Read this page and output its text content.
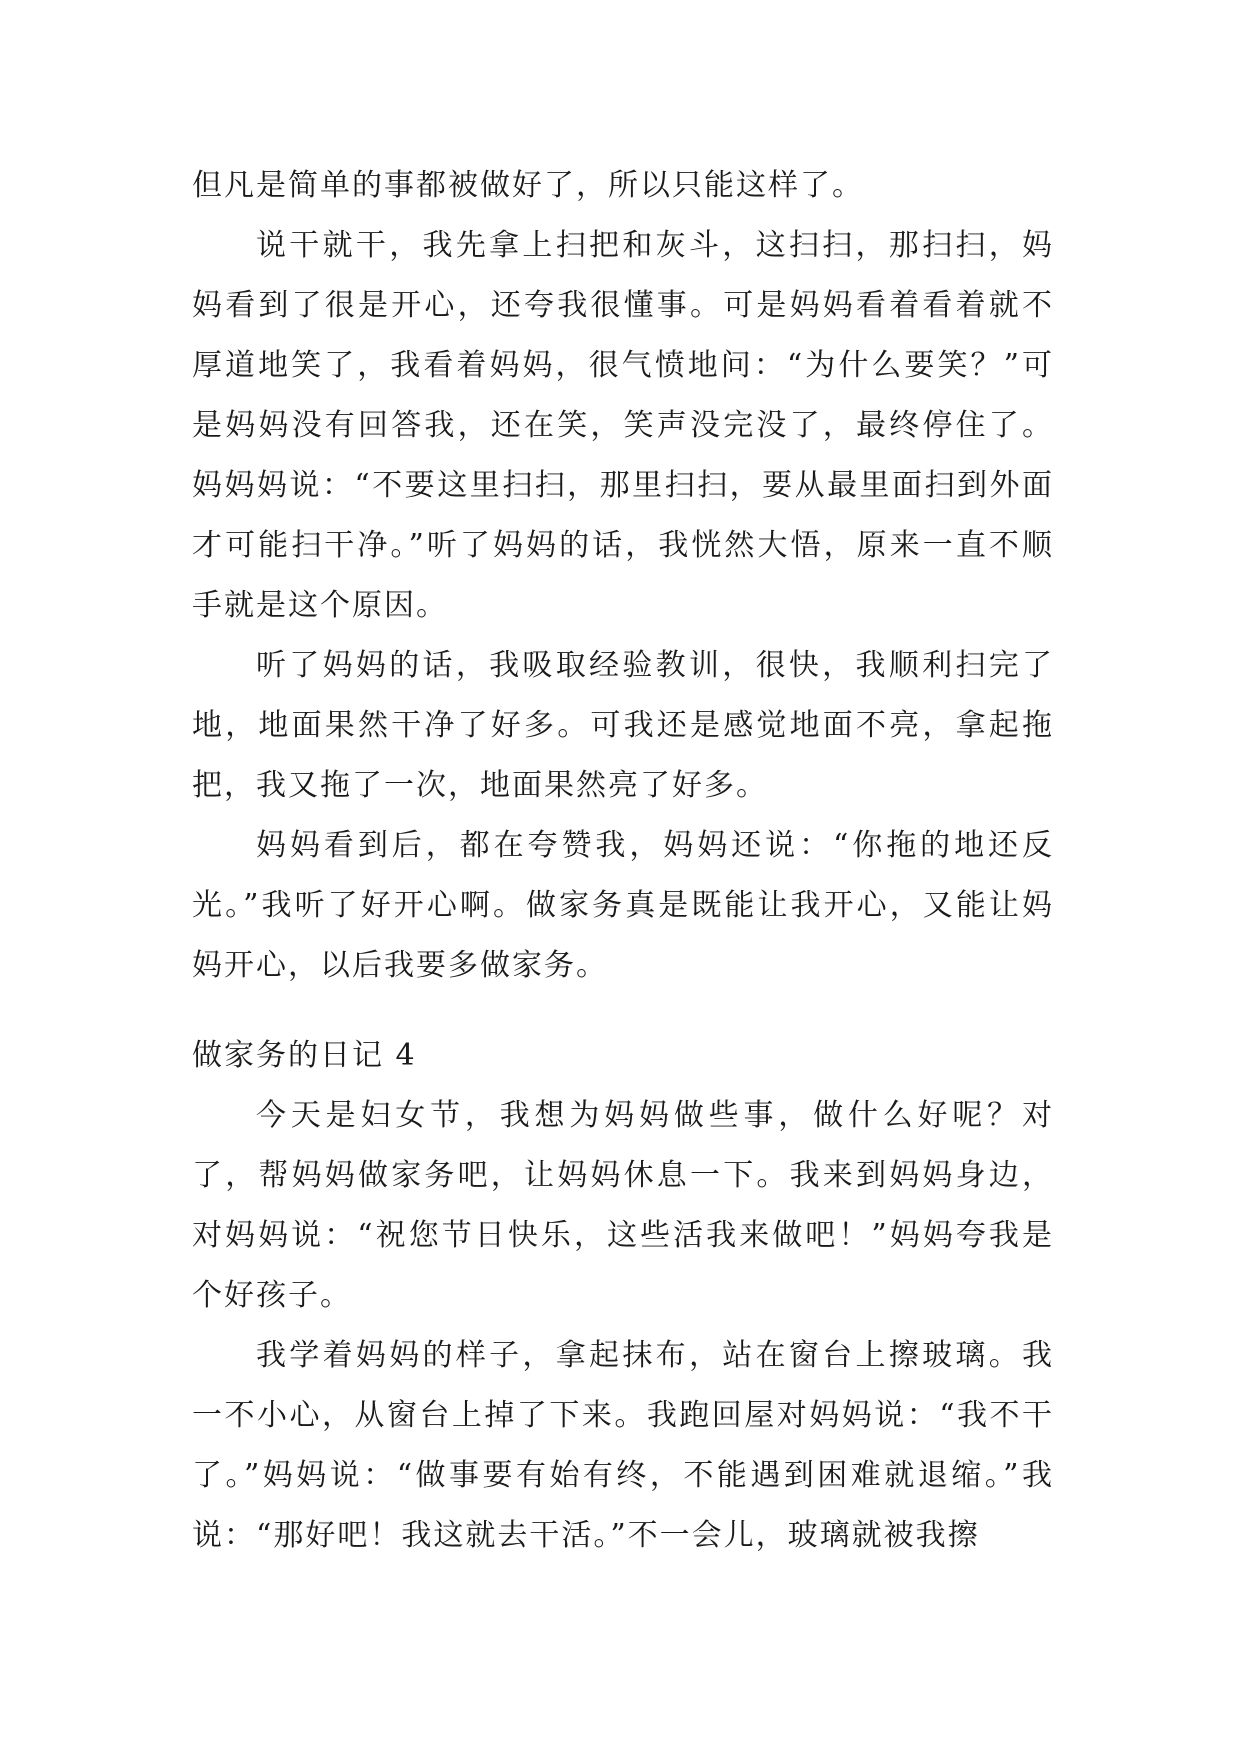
但凡是简单的事都被做好了，所以只能这样了。

说干就干，我先拿上扫把和灰斗，这扫扫，那扫扫，妈妈看到了很是开心，还夸我很懂事。可是妈妈看着看着就不厚道地笑了，我看着妈妈，很气愤地问：“为什么要笑？”可是妈妈没有回答我，还在笑，笑声没完没了，最终停住了。妈妈妈说：“不要这里扫扫，那里扫扫，要从最里面扫到外面才可能扫干净。”听了妈妈的话，我恍然大悟，原来一直不顺手就是这个原因。

听了妈妈的话，我吸取经验教训，很快，我顺利扫完了地，地面果然干净了好多。可我还是感觉地面不亮，拿起拖把，我又拖了一次，地面果然亮了好多。

妈妈看到后，都在夸赞我，妈妈还说：“你拖的地还反光。”我听了好开心啊。做家务真是既能让我开心，又能让妈妈开心，以后我要多做家务。

做家务的日记 4

今天是妇女节，我想为妈妈做些事，做什么好呢？对了，帮妈妈做家务吧，让妈妈休息一下。我来到妈妈身边，对妈妈说：“祝您节日快乐，这些活我来做吧！”妈妈夸我是个好孩子。

我学着妈妈的样子，拿起抹布，站在窗台上擦玻璃。我一不小心，从窗台上掉了下来。我跑回屋对妈妈说：“我不干了。”妈妈说：“做事要有始有终，不能遇到困难就退缩。”我说：“那好吧！我这就去干活。”不一会儿，玻璃就被我擦
